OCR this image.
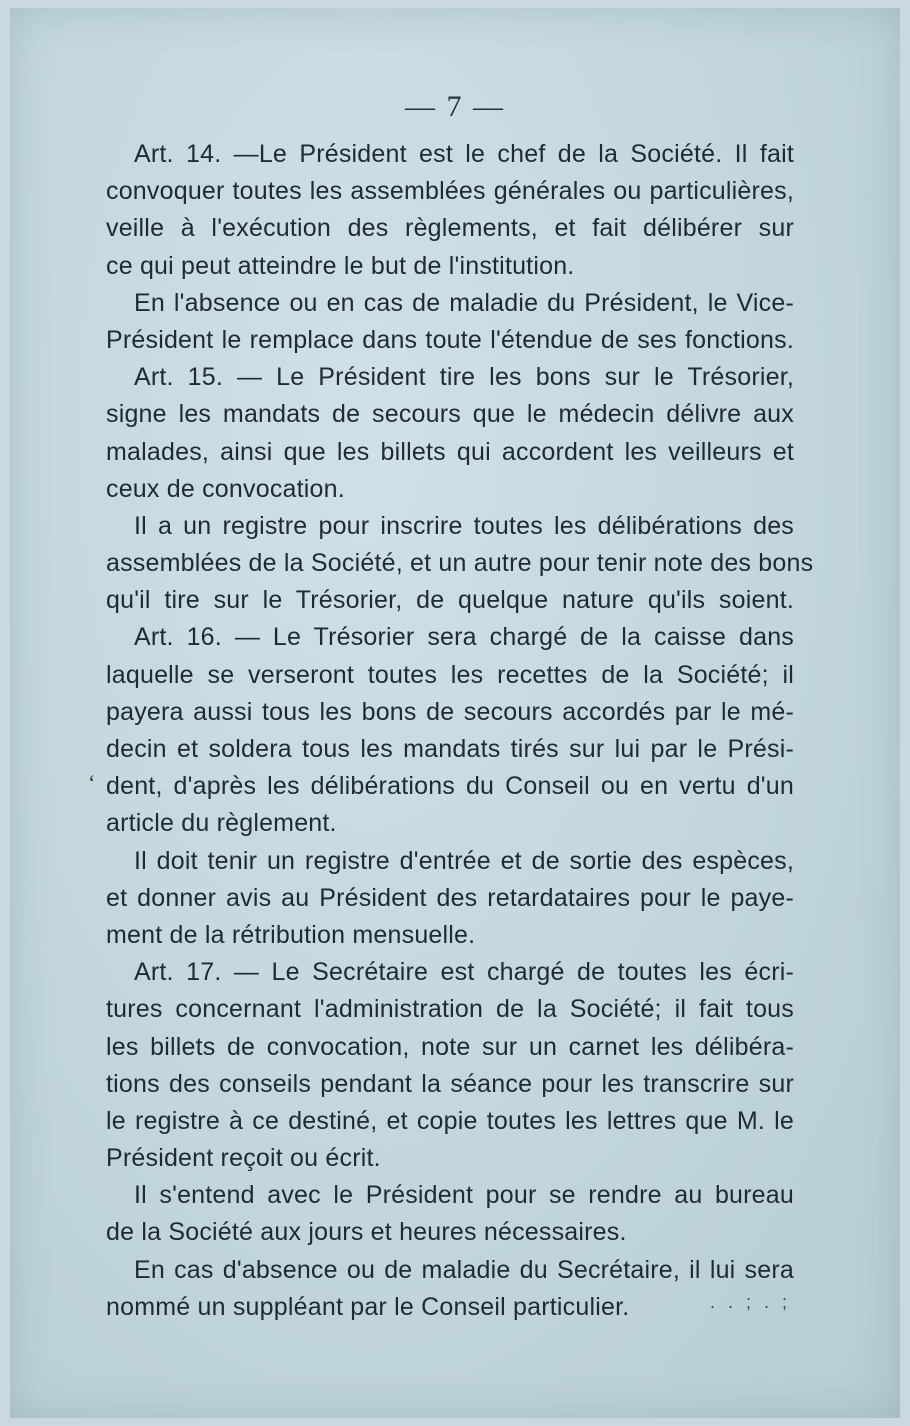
— 7 —
ʻ
Art. 14. —Le Président est le chef de la Société. Il fait
convoquer toutes les assemblées générales ou particulières,
veille à l'exécution des règlements, et fait délibérer sur
ce qui peut atteindre le but de l'institution.
En l'absence ou en cas de maladie du Président, le Vice-
Président le remplace dans toute l'étendue de ses fonctions.
Art. 15. — Le Président tire les bons sur le Trésorier,
signe les mandats de secours que le médecin délivre aux
malades, ainsi que les billets qui accordent les veilleurs et
ceux de convocation.
Il a un registre pour inscrire toutes les délibérations des
assemblées de la Société, et un autre pour tenir note des bons
qu'il tire sur le Trésorier, de quelque nature qu'ils soient.
Art. 16. — Le Trésorier sera chargé de la caisse dans
laquelle se verseront toutes les recettes de la Société; il
payera aussi tous les bons de secours accordés par le mé-
decin et soldera tous les mandats tirés sur lui par le Prési-
dent, d'après les délibérations du Conseil ou en vertu d'un
article du règlement.
Il doit tenir un registre d'entrée et de sortie des espèces,
et donner avis au Président des retardataires pour le paye-
ment de la rétribution mensuelle.
Art. 17. — Le Secrétaire est chargé de toutes les écri-
tures concernant l'administration de la Société; il fait tous
les billets de convocation, note sur un carnet les délibéra-
tions des conseils pendant la séance pour les transcrire sur
le registre à ce destiné, et copie toutes les lettres que M. le
Président reçoit ou écrit.
Il s'entend avec le Président pour se rendre au bureau
de la Société aux jours et heures nécessaires.
En cas d'absence ou de maladie du Secrétaire, il lui sera
nommé un suppléant par le Conseil particulier.	. . ; . ;
